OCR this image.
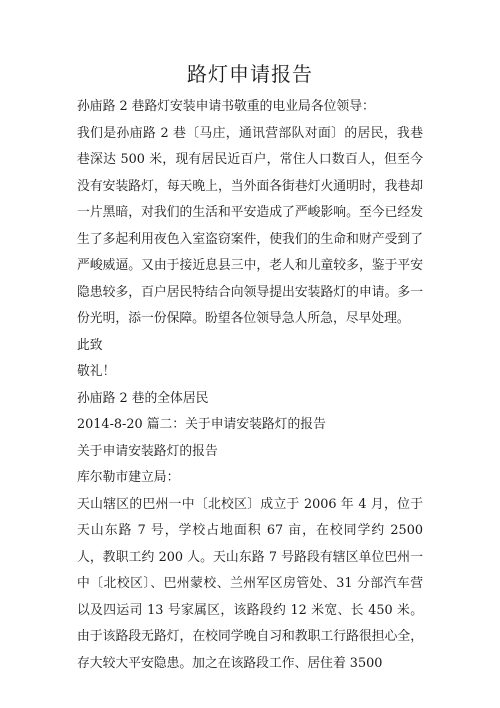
路灯申请报告

孙庙路 2 巷路灯安装申请书敬重的电业局各位领导：

我们是孙庙路 2 巷〔马庄，通讯营部队对面〕的居民，我巷巷深达 500 米，现有居民近百户，常住人口数百人，但至今没有安装路灯，每天晚上，当外面各街巷灯火通明时，我巷却一片黑暗，对我们的生活和平安造成了严峻影响。至今已经发生了多起利用夜色入室盗窃案件，使我们的生命和财产受到了严峻威逼。又由于接近息县三中，老人和儿童较多，鉴于平安隐患较多，百户居民特结合向领导提出安装路灯的申请。多一份光明，添一份保障。盼望各位领导急人所急，尽早处理。

此致

敬礼！

孙庙路 2 巷的全体居民

2014-8-20 篇二：关于申请安装路灯的报告

关于申请安装路灯的报告

库尔勒市建立局：

天山辖区的巴州一中〔北校区〕成立于 2006 年 4 月，位于天山东路 7 号，学校占地面积 67 亩，在校同学约 2500 人，教职工约 200 人。天山东路 7 号路段有辖区单位巴州一中〔北校区〕、巴州蒙校、兰州军区房管处、31 分部汽车营以及四运司 13 号家属区，该路段约 12 米宽、长 450 米。由于该路段无路灯，在校同学晚自习和教职工行路很担心全，存大较大平安隐患。加之在该路段工作、居住着 3500
